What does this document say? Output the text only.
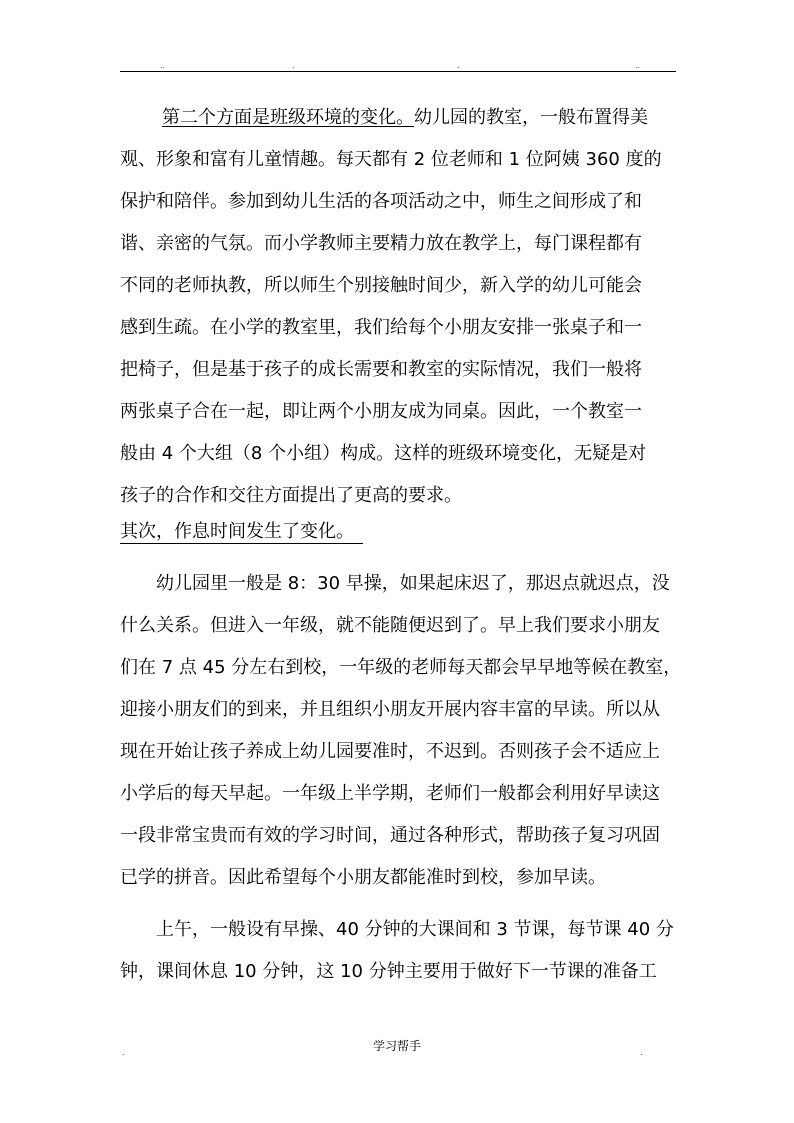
..	.	.	..
第二个方面是班级环境的变化。幼儿园的教室，一般布置得美
观、形象和富有儿童情趣。每天都有 2 位老师和 1 位阿姨 360 度的
保护和陪伴。参加到幼儿生活的各项活动之中，师生之间形成了和
谐、亲密的气氛。而小学教师主要精力放在教学上，每门课程都有
不同的老师执教，所以师生个别接触时间少，新入学的幼儿可能会
感到生疏。在小学的教室里，我们给每个小朋友安排一张桌子和一
把椅子，但是基于孩子的成长需要和教室的实际情况，我们一般将
两张桌子合在一起，即让两个小朋友成为同桌。因此，一个教室一
般由 4 个大组（8 个小组）构成。这样的班级环境变化，无疑是对
孩子的合作和交往方面提出了更高的要求。
其次，作息时间发生了变化。
幼儿园里一般是 8：30 早操，如果起床迟了，那迟点就迟点，没
什么关系。但进入一年级，就不能随便迟到了。早上我们要求小朋友
们在 7 点 45 分左右到校，一年级的老师每天都会早早地等候在教室，
迎接小朋友们的到来，并且组织小朋友开展内容丰富的早读。所以从
现在开始让孩子养成上幼儿园要准时，不迟到。否则孩子会不适应上
小学后的每天早起。一年级上半学期，老师们一般都会利用好早读这
一段非常宝贵而有效的学习时间，通过各种形式，帮助孩子复习巩固
已学的拼音。因此希望每个小朋友都能准时到校，参加早读。
上午，一般设有早操、40 分钟的大课间和 3 节课，每节课 40 分
钟，课间休息 10 分钟，这 10 分钟主要用于做好下一节课的准备工
.	学习帮手	.
